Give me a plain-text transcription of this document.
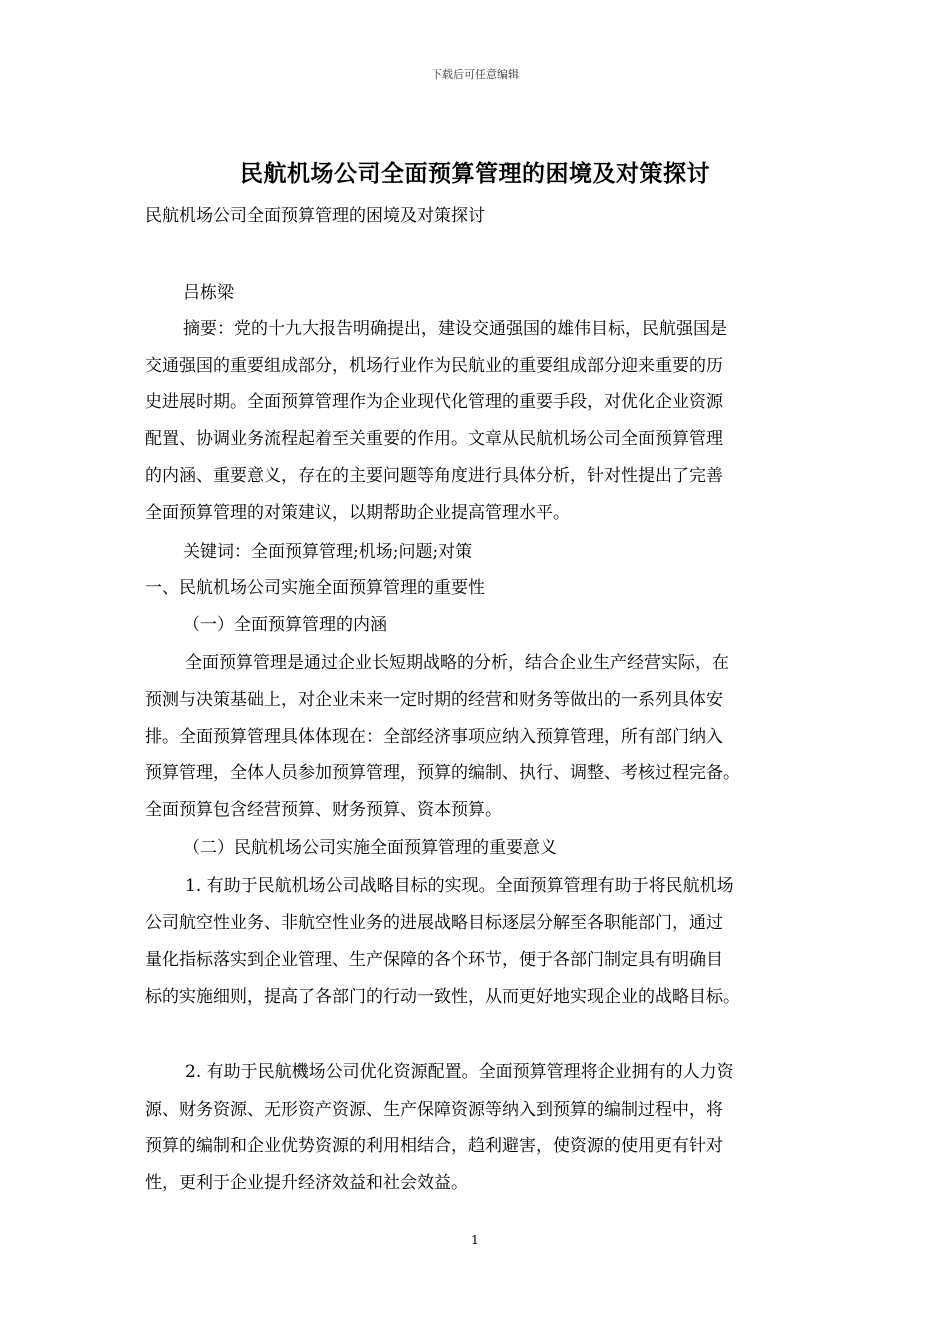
下载后可任意编辑
民航机场公司全面预算管理的困境及对策探讨
民航机场公司全面预算管理的困境及对策探讨
吕栋梁
摘要：党的十九大报告明确提出，建设交通强国的雄伟目标，民航强国是
交通强国的重要组成部分，机场行业作为民航业的重要组成部分迎来重要的历
史进展时期。全面预算管理作为企业现代化管理的重要手段，对优化企业资源
配置、协调业务流程起着至关重要的作用。文章从民航机场公司全面预算管理
的内涵、重要意义，存在的主要问题等角度进行具体分析，针对性提出了完善
全面预算管理的对策建议，以期帮助企业提高管理水平。
关键词：全面预算管理;机场;问题;对策
一、民航机场公司实施全面预算管理的重要性
（一）全面预算管理的内涵
全面预算管理是通过企业长短期战略的分析，结合企业生产经营实际，在
预测与决策基础上，对企业未来一定时期的经营和财务等做出的一系列具体安
排。全面预算管理具体体现在：全部经济事项应纳入预算管理，所有部门纳入
预算管理，全体人员参加预算管理，预算的编制、执行、调整、考核过程完备。
全面预算包含经营预算、财务预算、资本预算。
（二）民航机场公司实施全面预算管理的重要意义
1. 有助于民航机场公司战略目标的实现。全面预算管理有助于将民航机场
公司航空性业务、非航空性业务的进展战略目标逐层分解至各职能部门，通过
量化指标落实到企业管理、生产保障的各个环节，便于各部门制定具有明确目
标的实施细则，提高了各部门的行动一致性，从而更好地实现企业的战略目标。
2. 有助于民航機场公司优化资源配置。全面预算管理将企业拥有的人力资
源、财务资源、无形资产资源、生产保障资源等纳入到预算的编制过程中，将
预算的编制和企业优势资源的利用相结合，趋利避害，使资源的使用更有针对
性，更利于企业提升经济效益和社会效益。
1
